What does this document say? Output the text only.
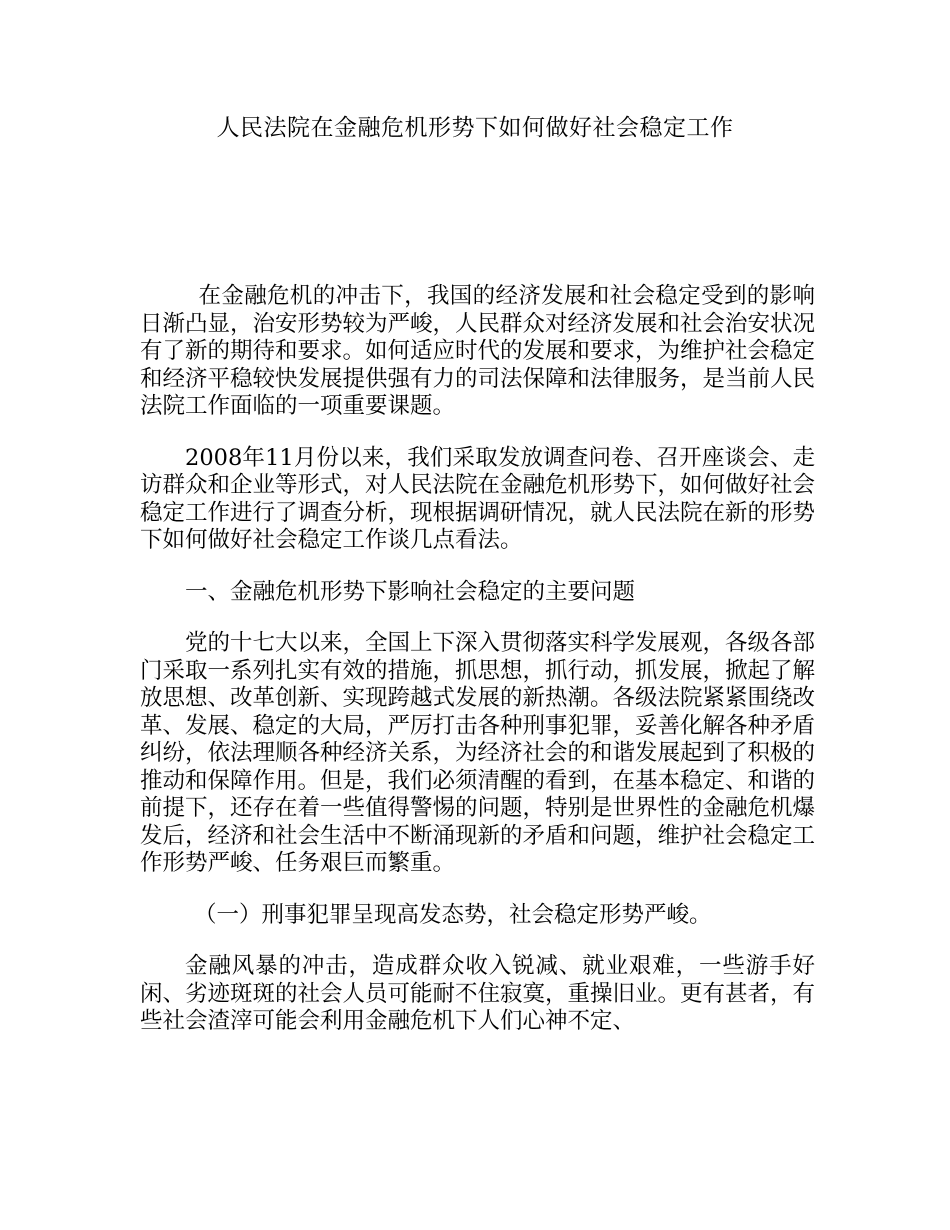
人民法院在金融危机形势下如何做好社会稳定工作

在金融危机的冲击下，我国的经济发展和社会稳定受到的影响日渐凸显，治安形势较为严峻，人民群众对经济发展和社会治安状况有了新的期待和要求。如何适应时代的发展和要求，为维护社会稳定和经济平稳较快发展提供强有力的司法保障和法律服务，是当前人民法院工作面临的一项重要课题。

2008年11月份以来，我们采取发放调查问卷、召开座谈会、走访群众和企业等形式，对人民法院在金融危机形势下，如何做好社会稳定工作进行了调查分析，现根据调研情况，就人民法院在新的形势下如何做好社会稳定工作谈几点看法。

一、金融危机形势下影响社会稳定的主要问题

党的十七大以来，全国上下深入贯彻落实科学发展观，各级各部门采取一系列扎实有效的措施，抓思想，抓行动，抓发展，掀起了解放思想、改革创新、实现跨越式发展的新热潮。各级法院紧紧围绕改革、发展、稳定的大局，严厉打击各种刑事犯罪，妥善化解各种矛盾纠纷，依法理顺各种经济关系，为经济社会的和谐发展起到了积极的推动和保障作用。但是，我们必须清醒的看到，在基本稳定、和谐的前提下，还存在着一些值得警惕的问题，特别是世界性的金融危机爆发后，经济和社会生活中不断涌现新的矛盾和问题，维护社会稳定工作形势严峻、任务艰巨而繁重。

（一）刑事犯罪呈现高发态势，社会稳定形势严峻。

金融风暴的冲击，造成群众收入锐减、就业艰难，一些游手好闲、劣迹斑斑的社会人员可能耐不住寂寞，重操旧业。更有甚者，有些社会渣滓可能会利用金融危机下人们心神不定、
